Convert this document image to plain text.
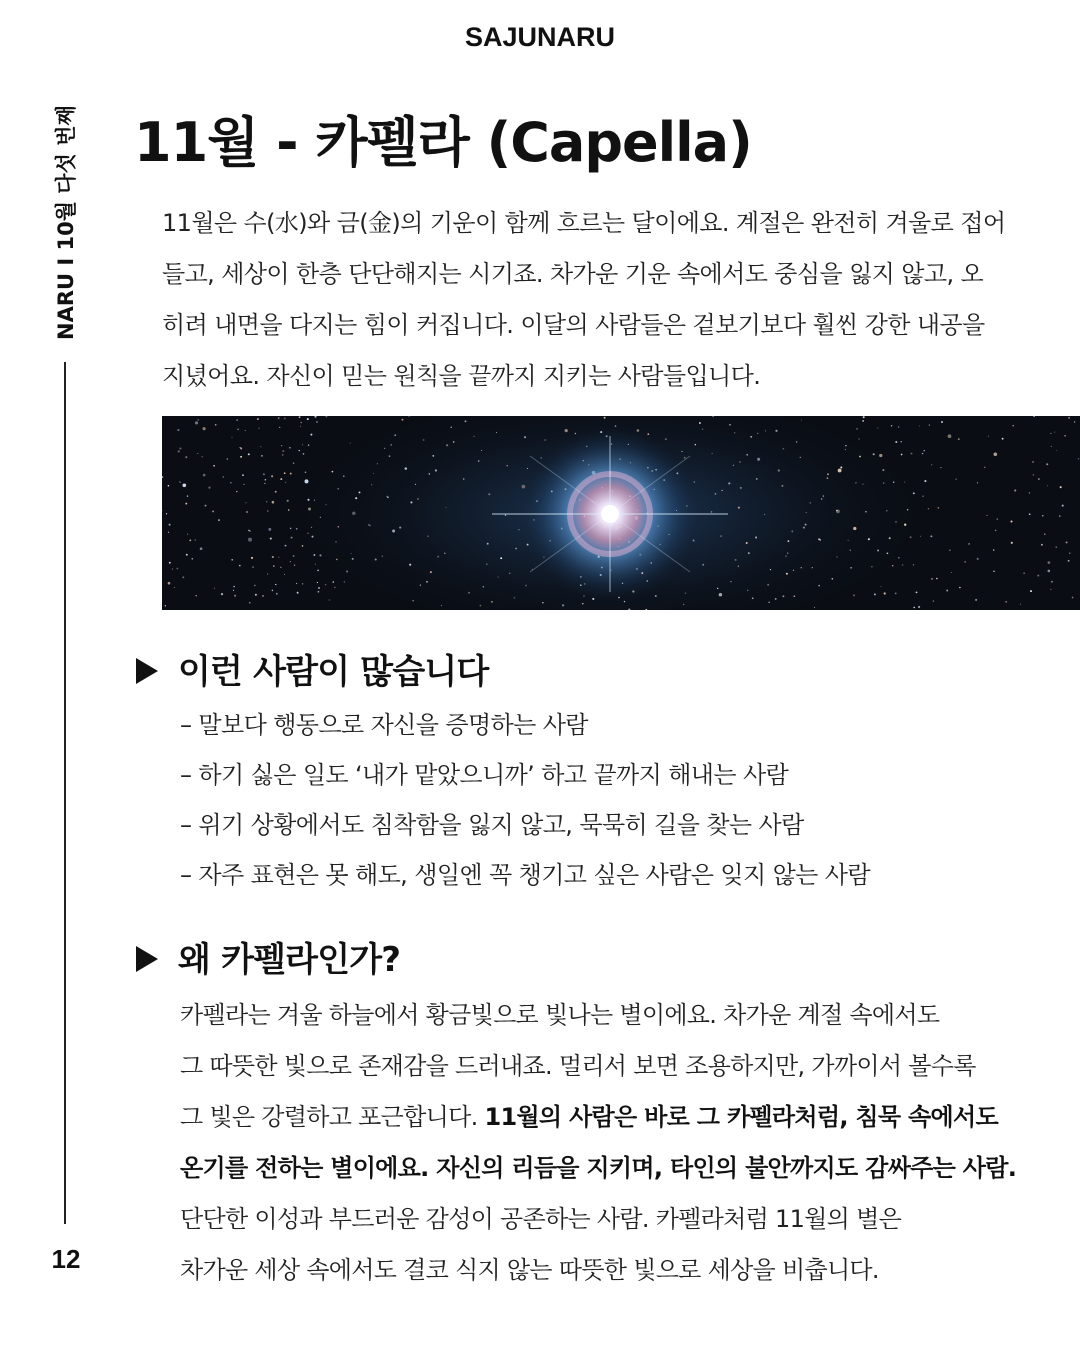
SAJUNARU
NARU I 10월 다섯 번째
12
11월 - 카펠라 (Capella)
11월은 수(水)와 금(金)의 기운이 함께 흐르는 달이에요. 계절은 완전히 겨울로 접어
들고, 세상이 한층 단단해지는 시기죠. 차가운 기운 속에서도 중심을 잃지 않고, 오
히려 내면을 다지는 힘이 커집니다. 이달의 사람들은 겉보기보다 훨씬 강한 내공을
지녔어요. 자신이 믿는 원칙을 끝까지 지키는 사람들입니다.
이런 사람이 많습니다
– 말보다 행동으로 자신을 증명하는 사람
– 하기 싫은 일도 ‘내가 맡았으니까’ 하고 끝까지 해내는 사람
– 위기 상황에서도 침착함을 잃지 않고, 묵묵히 길을 찾는 사람
– 자주 표현은 못 해도, 생일엔 꼭 챙기고 싶은 사람은 잊지 않는 사람
왜 카펠라인가?
카펠라는 겨울 하늘에서 황금빛으로 빛나는 별이에요. 차가운 계절 속에서도
그 따뜻한 빛으로 존재감을 드러내죠. 멀리서 보면 조용하지만, 가까이서 볼수록
그 빛은 강렬하고 포근합니다. 11월의 사람은 바로 그 카펠라처럼, 침묵 속에서도
온기를 전하는 별이에요. 자신의 리듬을 지키며, 타인의 불안까지도 감싸주는 사람.
단단한 이성과 부드러운 감성이 공존하는 사람. 카펠라처럼 11월의 별은
차가운 세상 속에서도 결코 식지 않는 따뜻한 빛으로 세상을 비춥니다.
